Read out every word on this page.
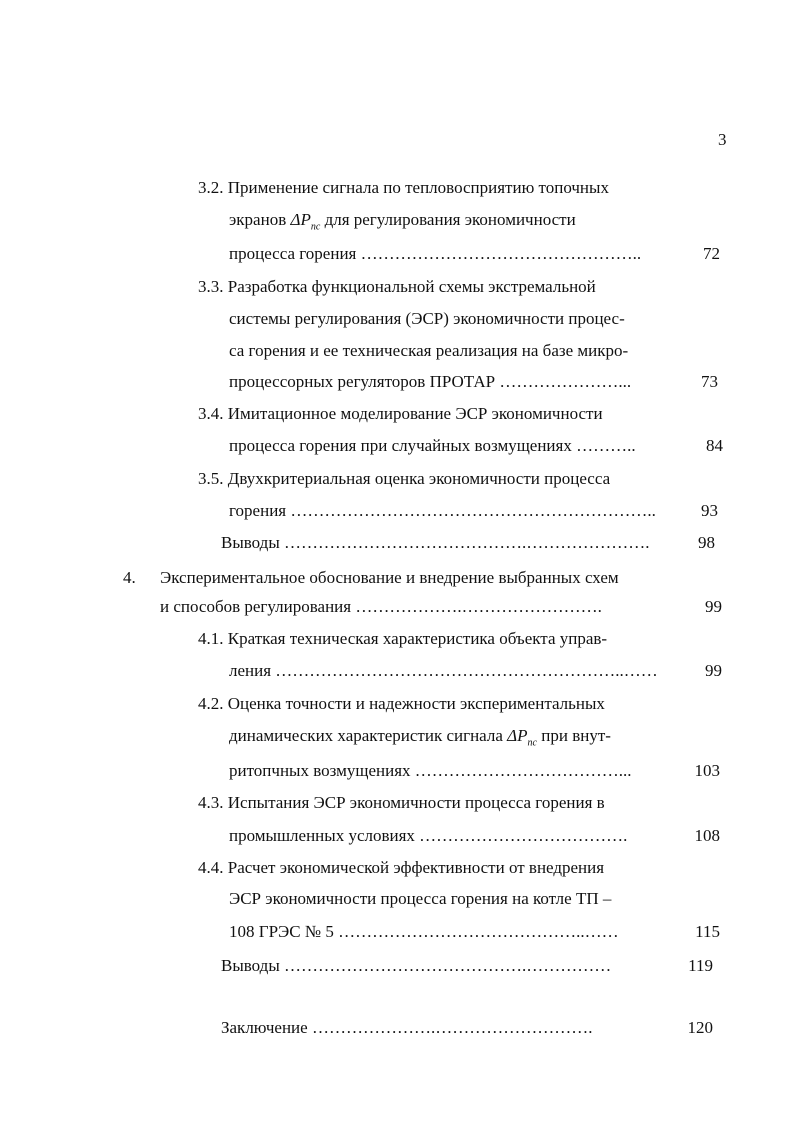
3
3.2. Применение сигнала по тепловосприятию топочных
экранов $\Delta P_{пс}$ для регулирования экономичности
процесса горения …………………………………………..	72
3.3. Разработка функциональной схемы экстремальной
системы регулирования (ЭСР) экономичности процес-
са горения и ее техническая реализация на базе микро-
процессорных регуляторов ПРОТАР …………………...	73
3.4. Имитационное моделирование ЭСР экономичности
процесса горения при случайных возмущениях ………..	84
3.5. Двухкритериальная оценка экономичности процесса
горения ………………………………………………………..	93
Выводы …………………………………….………………….	98
4. Экспериментальное обоснование и внедрение выбранных схем
и способов регулирования ……………….…………………….	99
4.1. Краткая техническая характеристика объекта управ-
ления ……………………………………………………..……	99
4.2. Оценка точности и надежности экспериментальных
динамических характеристик сигнала $\Delta P_{пс}$ при внут-
ритопчных возмущениях ………………………………...	103
4.3. Испытания ЭСР экономичности процесса горения в
промышленных условиях ……………………………….	108
4.4. Расчет экономической эффективности от внедрения
ЭСР экономичности процесса горения на котле ТП –
108 ГРЭС № 5 ……………………………………..……	115
Выводы …………………………………….……………	119
Заключение ………………….……………………….	120
